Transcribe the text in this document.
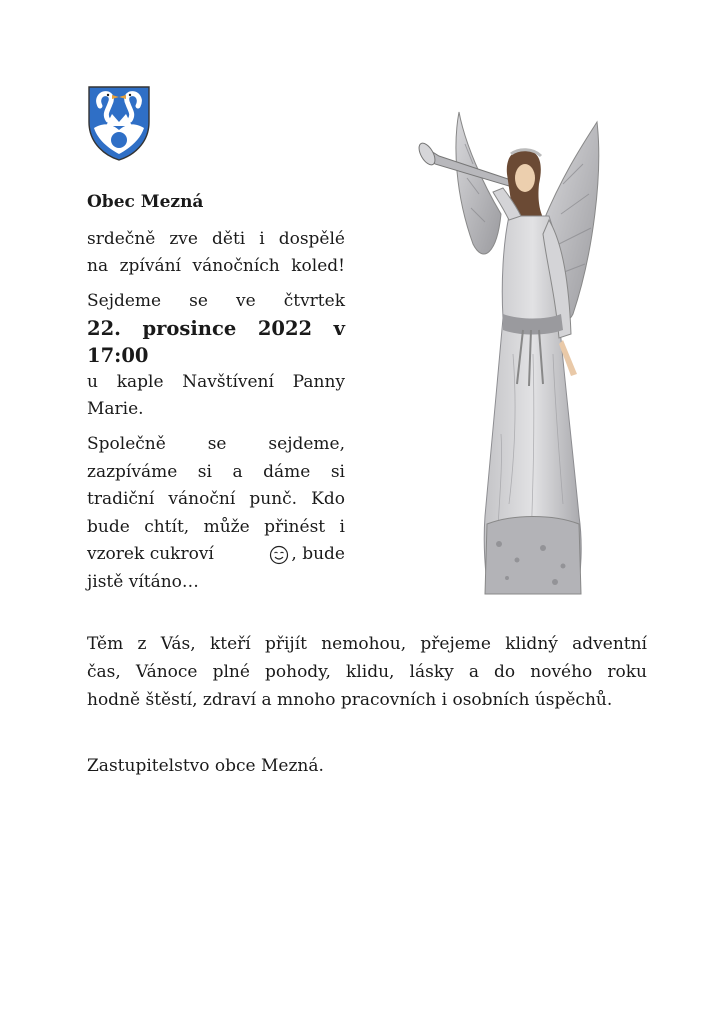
Obec Mezná
srdečně zve děti i dospělé
na zpívání vánočních koled!
Sejdeme se ve čtvrtek
22. prosince 2022 v 17:00
u kaple Navštívení Panny
Marie.
Společně se sejdeme,
zazpíváme si a dáme si
tradiční vánoční punč. Kdo
bude chtít, může přinést i
vzorek cukroví	, bude
jistě vítáno…

Těm z Vás, kteří přijít nemohou, přejeme klidný adventní
čas, Vánoce plné pohody, klidu, lásky a do nového roku
hodně štěstí, zdraví a mnoho pracovních i osobních úspěchů.

Zastupitelstvo obce Mezná.
